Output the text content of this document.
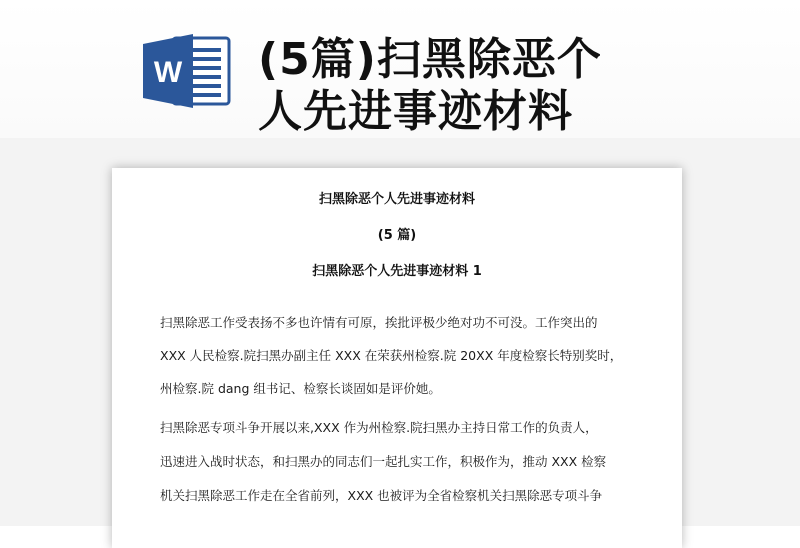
W (5篇)扫黑除恶个
人先进事迹材料
扫黑除恶个人先进事迹材料
(5 篇)
扫黑除恶个人先进事迹材料 1
扫黑除恶工作受表扬不多也许情有可原，挨批评极少绝对功不可没。工作突出的
XXX 人民检察.院扫黑办副主任 XXX 在荣获州检察.院 20XX 年度检察长特别奖时，
州检察.院 dang 组书记、检察长谈固如是评价她。
扫黑除恶专项斗争开展以来,XXX 作为州检察.院扫黑办主持日常工作的负责人，
迅速进入战时状态，和扫黑办的同志们一起扎实工作，积极作为，推动 XXX 检察
机关扫黑除恶工作走在全省前列，XXX 也被评为全省检察机关扫黑除恶专项斗争
